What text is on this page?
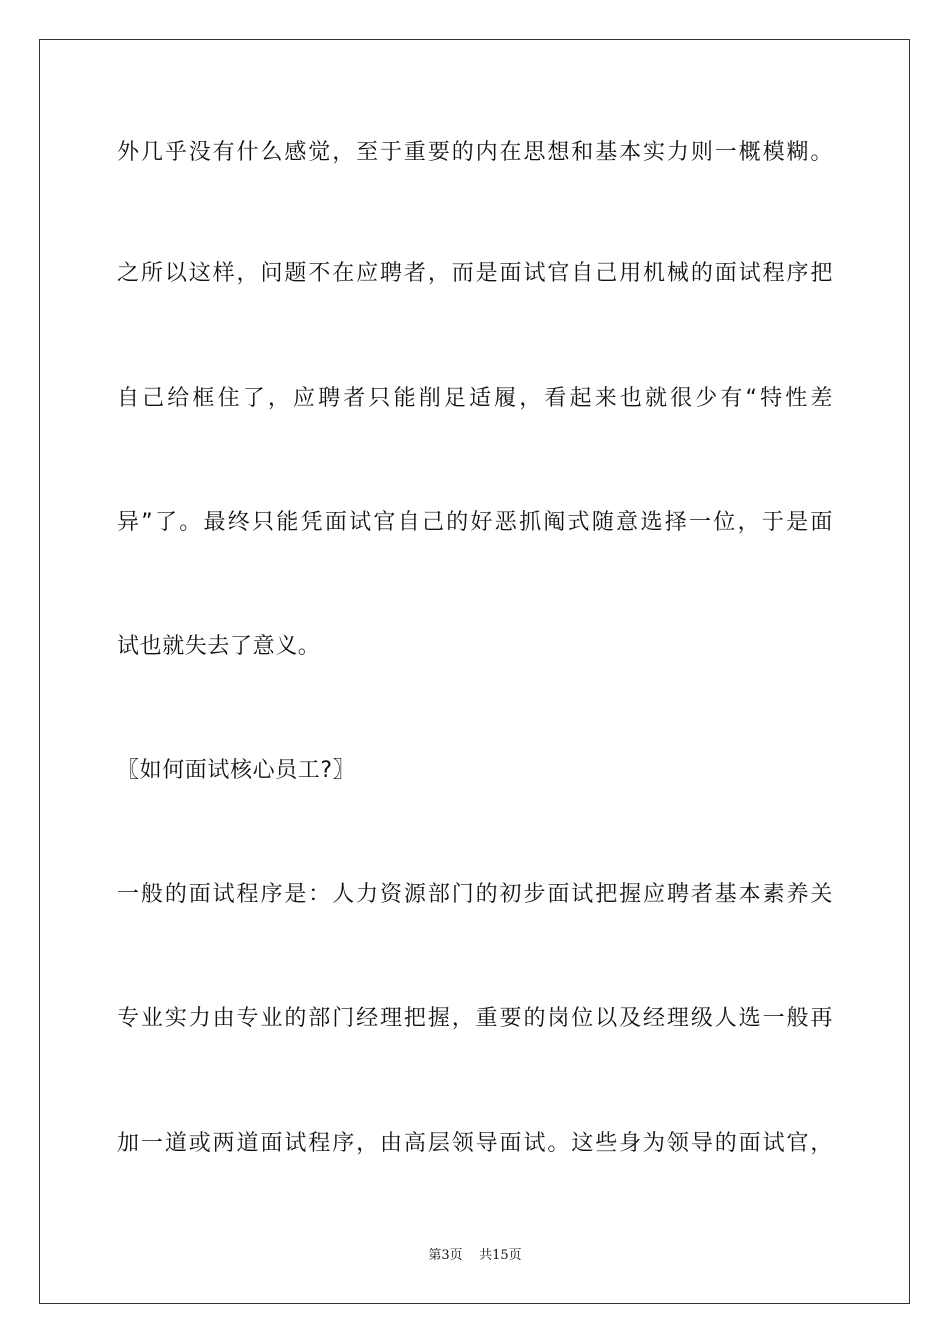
外几乎没有什么感觉，至于重要的内在思想和基本实力则一概模糊。
之所以这样，问题不在应聘者，而是面试官自己用机械的面试程序把
自己给框住了，应聘者只能削足适履，看起来也就很少有“特性差
异”了。最终只能凭面试官自己的好恶抓阄式随意选择一位，于是面
试也就失去了意义。
〖如何面试核心员工?〗
一般的面试程序是：人力资源部门的初步面试把握应聘者基本素养关
专业实力由专业的部门经理把握，重要的岗位以及经理级人选一般再
加一道或两道面试程序，由高层领导面试。这些身为领导的面试官，
第3页 共15页
